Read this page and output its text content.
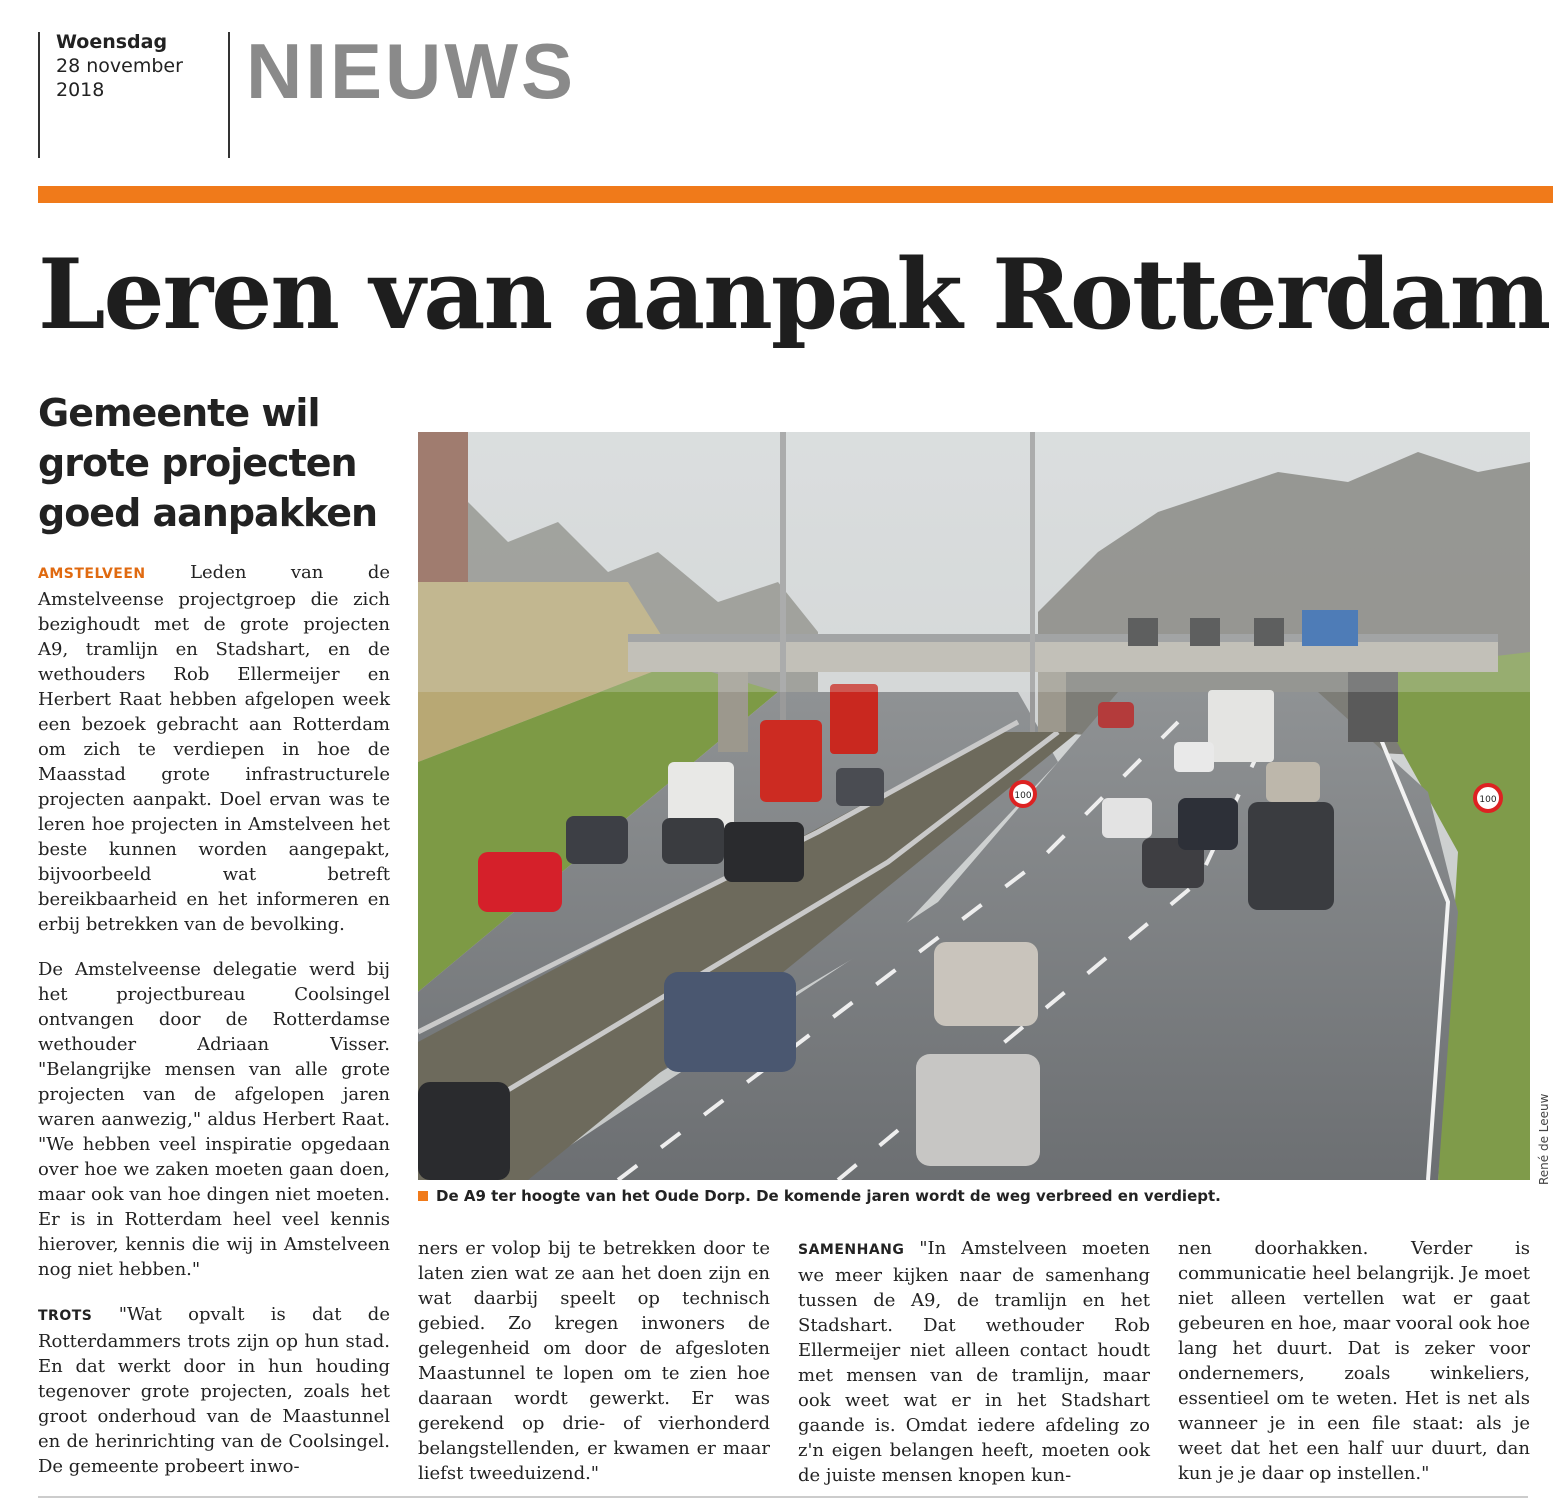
Woensdag
28 november
2018	NIEUWS
Leren van aanpak Rotterdam
Gemeente wil grote projecten goed aanpakken

AMSTELVEEN Leden van de Amstelveense projectgroep die zich bezighoudt met de grote projecten A9, tramlijn en Stadshart, en de wethouders Rob Ellermeijer en Herbert Raat hebben afgelopen week een bezoek gebracht aan Rotterdam om zich te verdiepen in hoe de Maasstad grote infrastructurele projecten aanpakt. Doel ervan was te leren hoe projecten in Amstelveen het beste kunnen worden aangepakt, bijvoorbeeld wat betreft bereikbaarheid en het informeren en erbij betrekken van de bevolking.

De Amstelveense delegatie werd bij het projectbureau Coolsingel ontvangen door de Rotterdamse wethouder Adriaan Visser. "Belangrijke mensen van alle grote projecten van de afgelopen jaren waren aanwezig," aldus Herbert Raat. "We hebben veel inspiratie opgedaan over hoe we zaken moeten gaan doen, maar ook van hoe dingen niet moeten. Er is in Rotterdam heel veel kennis hierover, kennis die wij in Amstelveen nog niet hebben."

TROTS "Wat opvalt is dat de Rotterdammers trots zijn op hun stad. En dat werkt door in hun houding tegenover grote projecten, zoals het groot onderhoud van de Maastunnel en de herinrichting van de Coolsingel. De gemeente probeert inwo-

100	100
René de Leeuw
De A9 ter hoogte van het Oude Dorp. De komende jaren wordt de weg verbreed en verdiept.

ners er volop bij te betrekken door te laten zien wat ze aan het doen zijn en wat daarbij speelt op technisch gebied. Zo kregen inwoners de gelegenheid om door de afgesloten Maastunnel te lopen om te zien hoe daaraan wordt gewerkt. Er was gerekend op drie- of vierhonderd belangstellenden, er kwamen er maar liefst tweeduizend."

SAMENHANG "In Amstelveen moeten we meer kijken naar de samenhang tussen de A9, de tramlijn en het Stadshart. Dat wethouder Rob Ellermeijer niet alleen contact houdt met mensen van de tramlijn, maar ook weet wat er in het Stadshart gaande is. Omdat iedere afdeling zo z'n eigen belangen heeft, moeten ook de juiste mensen knopen kun-

nen doorhakken. Verder is communicatie heel belangrijk. Je moet niet alleen vertellen wat er gaat gebeuren en hoe, maar vooral ook hoe lang het duurt. Dat is zeker voor ondernemers, zoals winkeliers, essentieel om te weten. Het is net als wanneer je in een file staat: als je weet dat het een half uur duurt, dan kun je je daar op instellen."
